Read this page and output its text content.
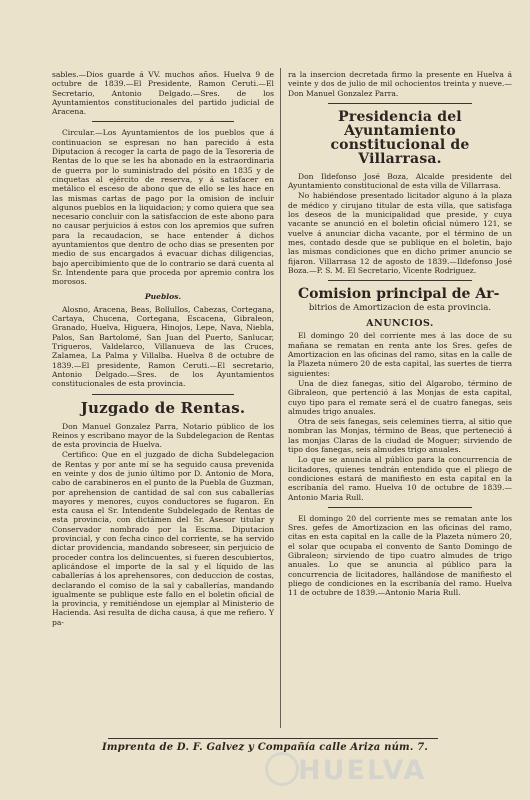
sables.—Dios guarde á VV. muchos años. Huelva 9 de octubre de 1839.—El Presidente, Ramon Ceruti.—El Secretario, Antonio Delgado.—Sres. de los Ayuntamientos constitucionales del partido judicial de Aracena.

Circular.—Los Ayuntamientos de los pueblos que á continuacion se espresan no han parecido á esta Diputacion á recoger la carta de pago de la Tesoreria de Rentas de lo que se les ha abonado en la estraordinaria de guerra por lo suministrado del pósito en 1835 y de cinquetas al ejército de reserva, y á satisfacer en metálico el esceso de abono que de ello se les hace en las mismas cartas de pago por la omision de incluir algunos pueblos en la liquidacion; y como quiera que sea necesario concluir con la satisfaccion de este abono para no causar perjuicios á estos con los apremios que sufren para la recaudacion, se hace entender á dichos ayuntamientos que dentro de ocho dias se presenten por medio de sus encargados á evacuar dichas diligencias, bajo apercibimiento que de lo contrario se dará cuenta al Sr. Intendente para que proceda por apremio contra los morosos.

Pueblos.

Alosno, Aracena, Beas, Bollullos, Cabezas, Cortegana, Cartaya, Chucena, Cortegana, Escacena, Gibraleon, Granado, Huelva, Higuera, Hinojos, Lepe, Nava, Niebla, Palos, San Bartolomé, San Juan del Puerto, Sanlucar, Trigueros, Valdelarco, Villanueva de las Cruces, Zalamea, La Palma y Villalba. Huelva 8 de octubre de 1839.—El presidente, Ramon Ceruti.—El secretario, Antonio Delgado.—Sres. de los Ayuntamientos constitucionales de esta provincia.

Juzgado de Rentas.

Don Manuel Gonzalez Parra, Notario público de los Reinos y escribano mayor de la Subdelegacion de Rentas de esta provincia de Huelva.

Certifico: Que en el juzgado de dicha Subdelegacion de Rentas y por ante mí se ha seguido causa prevenida en veinte y dos de junio último por D. Antonio de Mora, cabo de carabineros en el punto de la Puebla de Guzman, por aprehension de cantidad de sal con sus caballerías mayores y menores, cuyos conductores se fugaron. En esta causa el Sr. Intendente Subdelegado de Rentas de esta provincia, con dictámen del Sr. Asesor titular y Conservador nombrado por la Escma. Diputacion provincial, y con fecha cinco del corriente, se ha servido dictar providencia, mandando sobreseer, sin perjuicio de proceder contra los delincuentes, si fueren descubiertos, aplicándose el importe de la sal y el líquido de las caballerías á los aprehensores, con deduccion de costas, declarando el comiso de la sal y caballerías, mandando igualmente se publique este fallo en el boletin oficial de la provincia, y remitiéndose un ejemplar al Ministerio de Hacienda. Asi resulta de dicha causa, á que me refiero. Y pa-

ra la insercion decretada firmo la presente en Huelva á veinte y dos de julio de mil ochocientos treinta y nueve.—Don Manuel Gonzalez Parra.

Presidencia del Ayuntamiento constitucional de Villarrasa.

Don Ildefonso José Boza, Alcalde presidente del Ayuntamiento constitucional de esta villa de Villarrasa.

No habiéndose presentado licitador alguno á la plaza de médico y cirujano titular de esta villa, que satisfaga los deseos de la municipalidad que preside, y cuya vacante se anunció en el boletin oficial número 121, se vuelve á anunciar dicha vacante, por el término de un mes, contado desde que se publique en el boletin, bajo las mismas condiciones que en dicho primer anuncio se fijaron. Villarrasa 12 de agosto de 1839.—Ildefonso José Boza.—P. S. M. El Secretario, Vicente Rodriguez.

Comision principal de Ar-

bitrios de Amortizacion de esta provincia.
ANUNCIOS.

El domingo 20 del corriente mes á las doce de su mañana se rematan en renta ante los Sres. gefes de Amortizacion en las oficinas del ramo, sitas en la calle de la Plazeta número 20 de esta capital, las suertes de tierra siguientes:

Una de diez fanegas, sitio del Algarobo, término de Gibraleon, que pertenció á las Monjas de esta capital, cuyo tipo para el remate será el de cuatro fanegas, seis almudes trigo anuales.

Otra de seis fanegas, seis celemines tierra, al sitio que nombran las Monjas, término de Beas, que perteneció á las monjas Claras de la ciudad de Moguer; sirviendo de tipo dos fanegas, seis almudes trigo anuales.

Lo que se anuncia al público para la concurrencia de licitadores, quienes tendrán entendido que el pliego de condiciones estará de manifiesto en esta capital en la escribanía del ramo. Huelva 10 de octubre de 1839.—Antonio Maria Rull.

El domingo 20 del corriente mes se rematan ante los Sres. gefes de Amortizacion en las oficinas del ramo, citas en esta capital en la calle de la Plazeta número 20, el solar que ocupaba el convento de Santo Domingo de Gibraleon; sirviendo de tipo cuatro almudes de trigo anuales. Lo que se anuncia al público para la concurrencia de licitadores, hallándose de manifiesto el pliego de condiciones en la escribanía del ramo. Huelva 11 de octubre de 1839.—Antonio Maria Rull.

Imprenta de D. F. Galvez y Compañía calle Ariza núm. 7.
HUELVA
